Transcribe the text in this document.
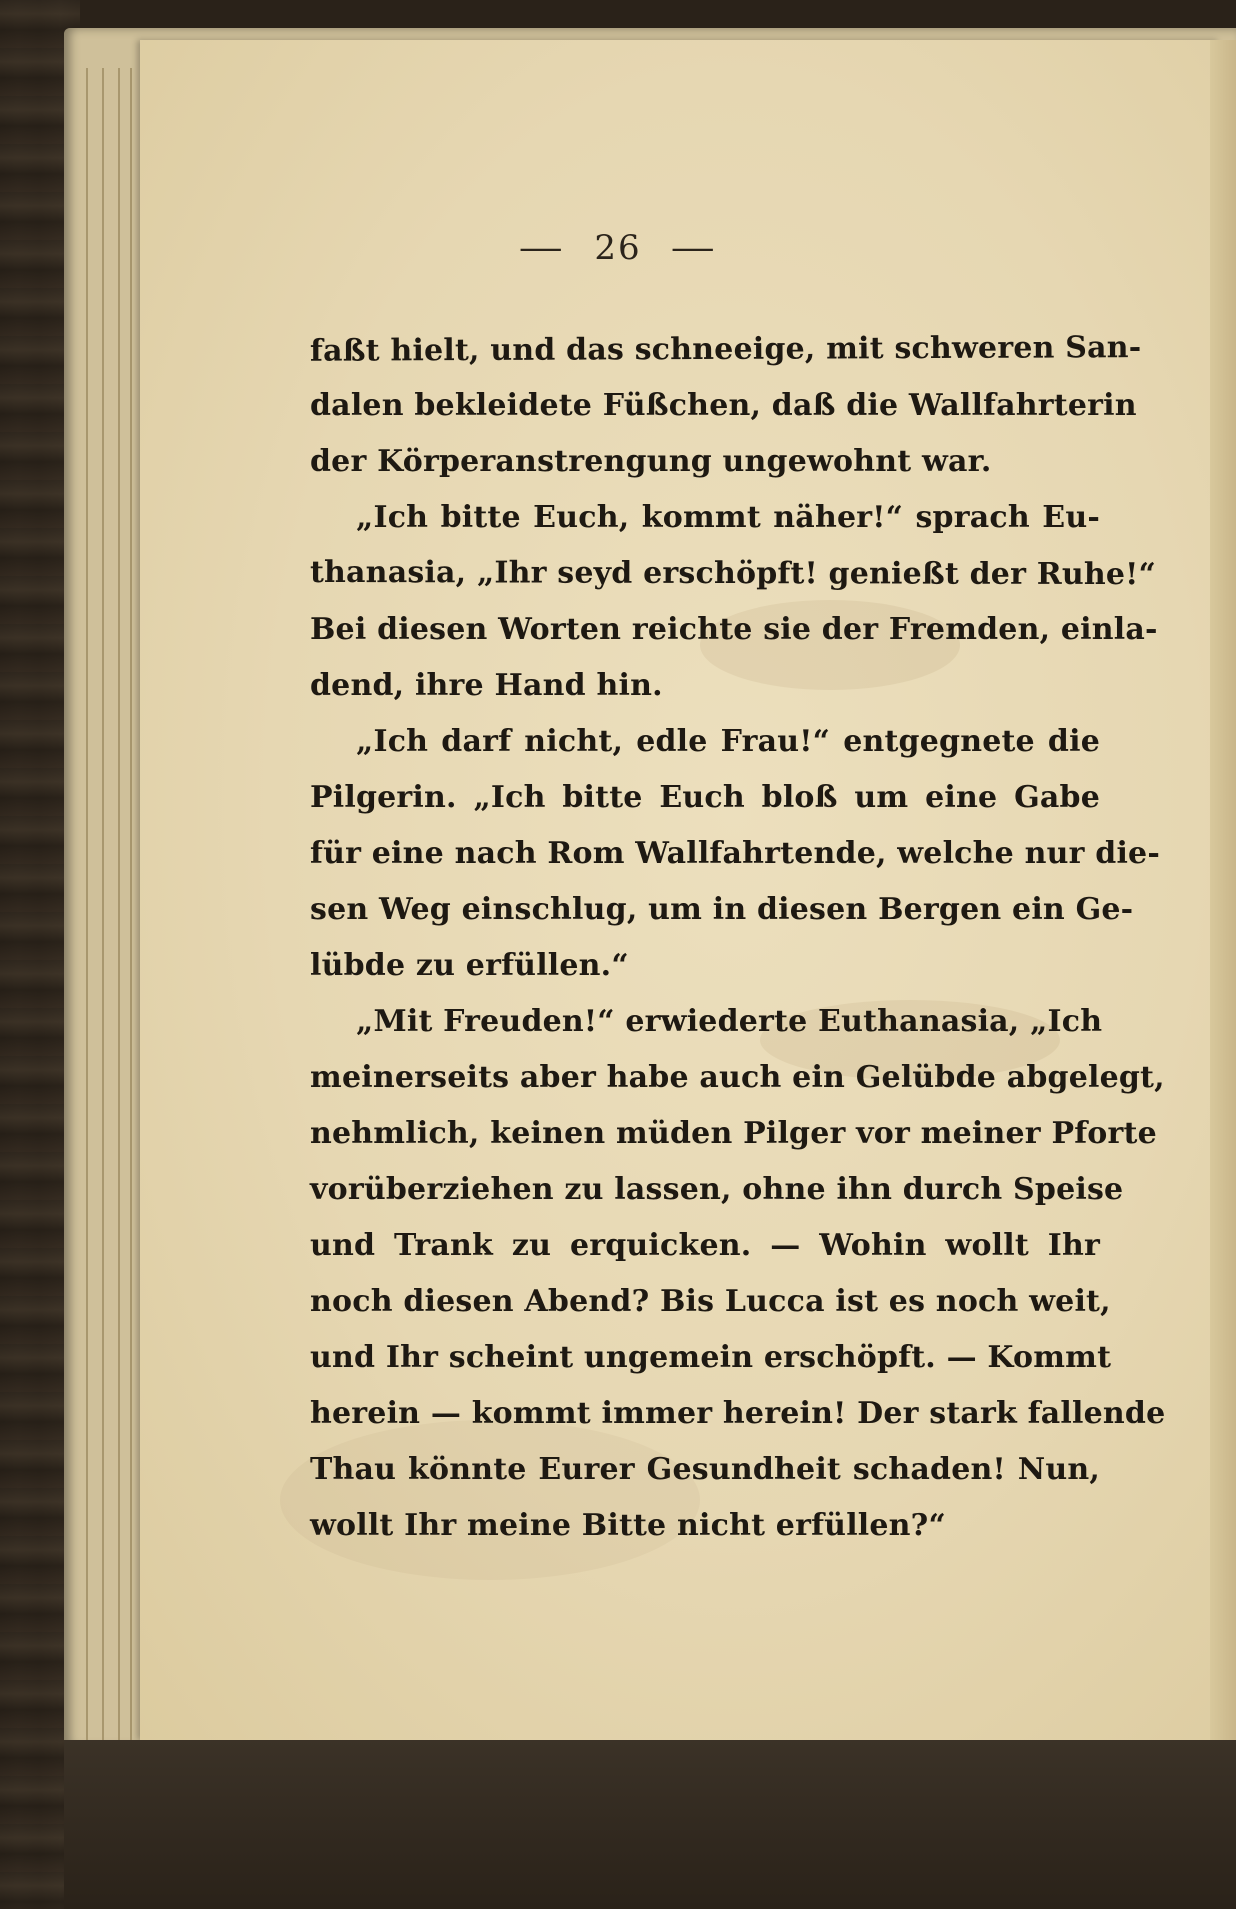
— 26 —
faßt hielt, und das schneeige, mit schweren San-
dalen bekleidete Füßchen, daß die Wallfahrterin
der Körperanstrengung ungewohnt war.
„Ich bitte Euch, kommt näher!“ sprach Eu-
thanasia, „Ihr seyd erschöpft! genießt der Ruhe!“
Bei diesen Worten reichte sie der Fremden, einla-
dend, ihre Hand hin.
„Ich darf nicht, edle Frau!“ entgegnete die
Pilgerin. „Ich bitte Euch bloß um eine Gabe
für eine nach Rom Wallfahrtende, welche nur die-
sen Weg einschlug, um in diesen Bergen ein Ge-
lübde zu erfüllen.“
„Mit Freuden!“ erwiederte Euthanasia, „Ich
meinerseits aber habe auch ein Gelübde abgelegt,
nehmlich, keinen müden Pilger vor meiner Pforte
vorüberziehen zu lassen, ohne ihn durch Speise
und Trank zu erquicken. — Wohin wollt Ihr
noch diesen Abend? Bis Lucca ist es noch weit,
und Ihr scheint ungemein erschöpft. — Kommt
herein — kommt immer herein! Der stark fallende
Thau könnte Eurer Gesundheit schaden! Nun,
wollt Ihr meine Bitte nicht erfüllen?“
